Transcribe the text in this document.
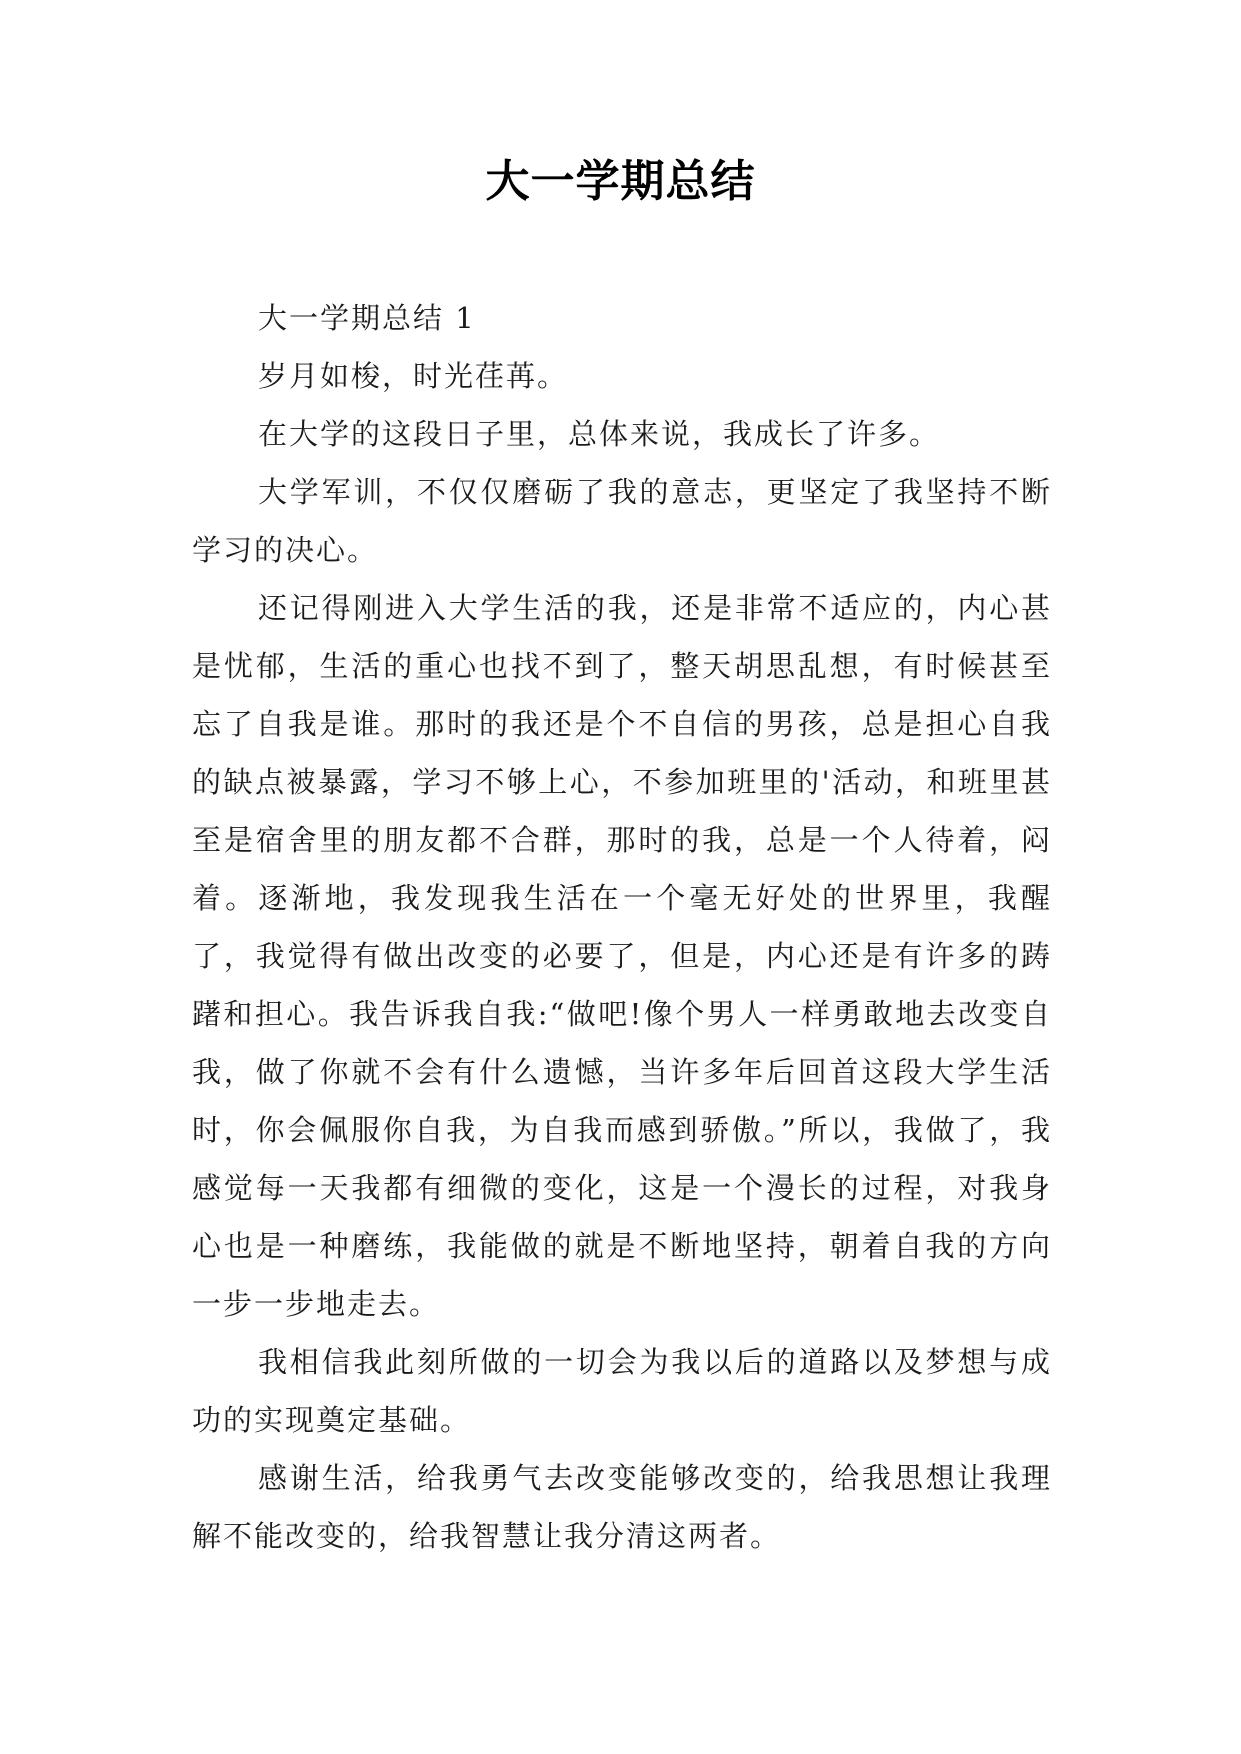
大一学期总结

大一学期总结 1

岁月如梭，时光荏苒。

在大学的这段日子里，总体来说，我成长了许多。

大学军训，不仅仅磨砺了我的意志，更坚定了我坚持不断学习的决心。

还记得刚进入大学生活的我，还是非常不适应的，内心甚是忧郁，生活的重心也找不到了，整天胡思乱想，有时候甚至忘了自我是谁。那时的我还是个不自信的男孩，总是担心自我的缺点被暴露，学习不够上心，不参加班里的'活动，和班里甚至是宿舍里的朋友都不合群，那时的我，总是一个人待着，闷着。逐渐地，我发现我生活在一个毫无好处的世界里，我醒了，我觉得有做出改变的必要了，但是，内心还是有许多的踌躇和担心。我告诉我自我:“做吧!像个男人一样勇敢地去改变自我，做了你就不会有什么遗憾，当许多年后回首这段大学生活时，你会佩服你自我，为自我而感到骄傲。”所以，我做了，我感觉每一天我都有细微的变化，这是一个漫长的过程，对我身心也是一种磨练，我能做的就是不断地坚持，朝着自我的方向一步一步地走去。

我相信我此刻所做的一切会为我以后的道路以及梦想与成功的实现奠定基础。

感谢生活，给我勇气去改变能够改变的，给我思想让我理解不能改变的，给我智慧让我分清这两者。
